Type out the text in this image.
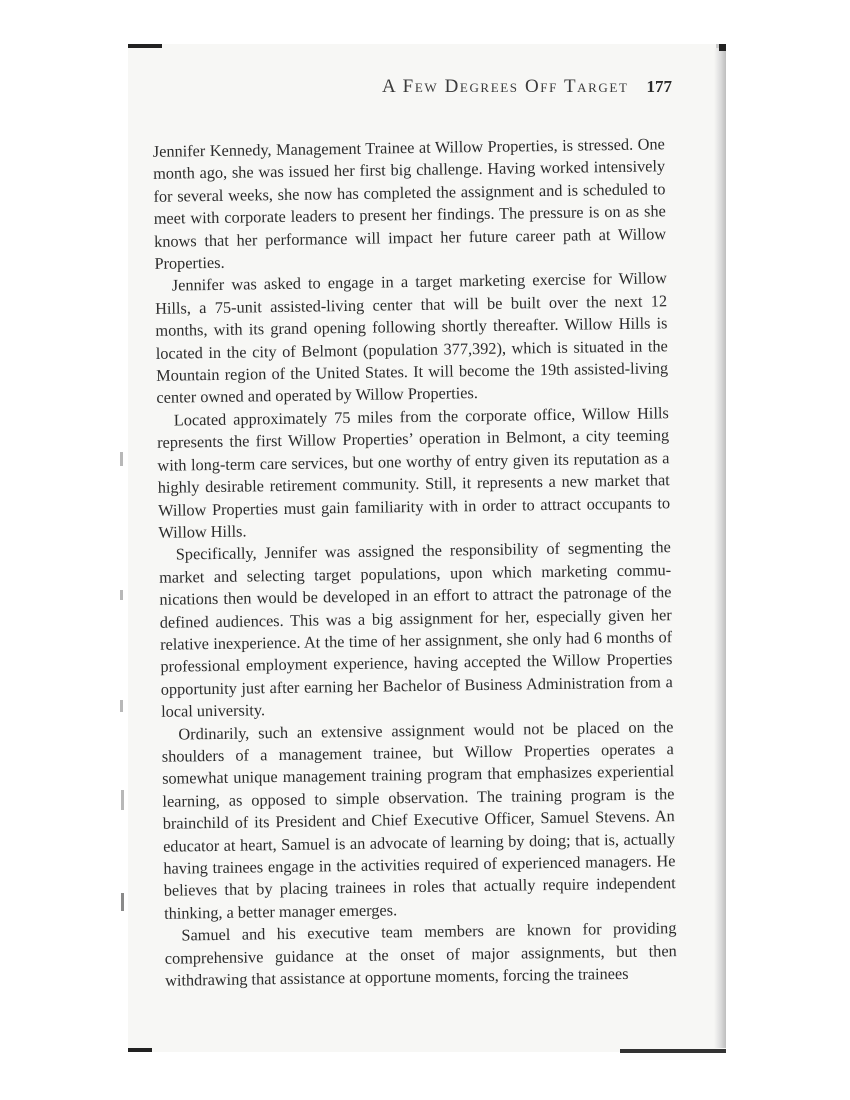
A Few Degrees Off Target 177

Jennifer Kennedy, Management Trainee at Willow Properties, is stressed. One month ago, she was issued her first big challenge. Having worked intensively for several weeks, she now has completed the assignment and is scheduled to meet with corporate leaders to present her findings. The pressure is on as she knows that her performance will impact her future career path at Willow Properties.

Jennifer was asked to engage in a target marketing exercise for Willow Hills, a 75-unit assisted-living center that will be built over the next 12 months, with its grand opening following shortly thereafter. Willow Hills is located in the city of Belmont (population 377,392), which is situated in the Mountain region of the United States. It will become the 19th assisted-living center owned and operated by Willow Properties.

Located approximately 75 miles from the corporate office, Willow Hills represents the first Willow Properties’ operation in Belmont, a city teeming with long-term care services, but one worthy of entry given its reputation as a highly desirable retirement community. Still, it represents a new market that Willow Properties must gain familiarity with in order to attract occupants to Willow Hills.

Specifically, Jennifer was assigned the responsibility of segmenting the market and selecting target populations, upon which marketing communications then would be developed in an effort to attract the patronage of the defined audiences. This was a big assignment for her, especially given her relative inexperience. At the time of her assignment, she only had 6 months of professional employment experience, having accepted the Willow Properties opportunity just after earning her Bachelor of Business Administration from a local university.

Ordinarily, such an extensive assignment would not be placed on the shoulders of a management trainee, but Willow Properties operates a somewhat unique management training program that emphasizes experiential learning, as opposed to simple observation. The training program is the brainchild of its President and Chief Executive Officer, Samuel Stevens. An educator at heart, Samuel is an advocate of learning by doing; that is, actually having trainees engage in the activities required of experienced managers. He believes that by placing trainees in roles that actually require independent thinking, a better manager emerges.

Samuel and his executive team members are known for providing comprehensive guidance at the onset of major assignments, but then withdrawing that assistance at opportune moments, forcing the trainees
